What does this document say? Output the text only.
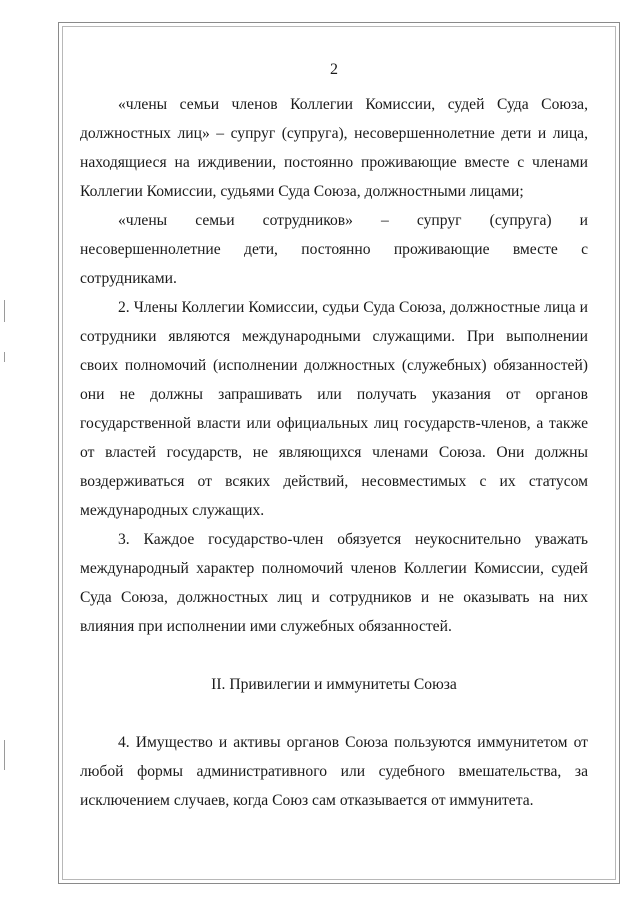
2

«члены семьи членов Коллегии Комиссии, судей Суда Союза, должностных лиц» – супруг (супруга), несовершеннолетние дети и лица, находящиеся на иждивении, постоянно проживающие вместе с членами Коллегии Комиссии, судьями Суда Союза, должностными лицами;

«члены семьи сотрудников» – супруг (супруга) и несовершеннолетние дети, постоянно проживающие вместе с сотрудниками.

2. Члены Коллегии Комиссии, судьи Суда Союза, должностные лица и сотрудники являются международными служащими. При выполнении своих полномочий (исполнении должностных (служебных) обязанностей) они не должны запрашивать или получать указания от органов государственной власти или официальных лиц государств-членов, а также от властей государств, не являющихся членами Союза. Они должны воздерживаться от всяких действий, несовместимых с их статусом международных служащих.

3. Каждое государство-член обязуется неукоснительно уважать международный характер полномочий членов Коллегии Комиссии, судей Суда Союза, должностных лиц и сотрудников и не оказывать на них влияния при исполнении ими служебных обязанностей.

II. Привилегии и иммунитеты Союза

4. Имущество и активы органов Союза пользуются иммунитетом от любой формы административного или судебного вмешательства, за исключением случаев, когда Союз сам отказывается от иммунитета.
